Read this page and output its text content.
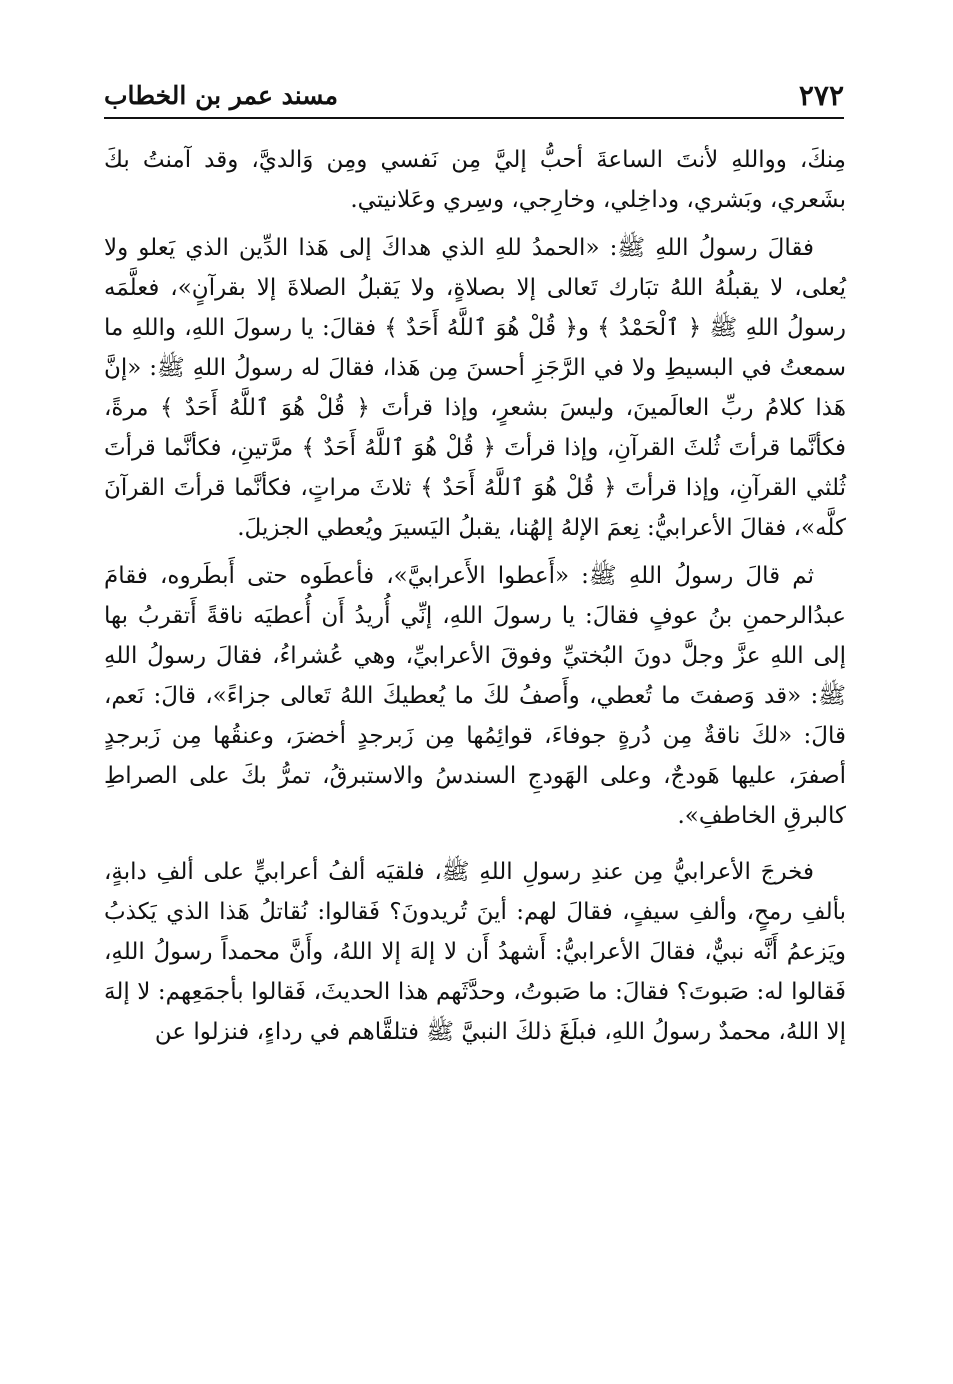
٢٧٢
مسند عمر بن الخطاب

مِنكَ، وواللهِ لأنتَ الساعةَ أحبُّ إليَّ مِن نَفسي ومِن وَالديَّ، وقد آمنتُ بكَ بشَعري، وبَشري، وداخِلي، وخارِجي، وسِري وعَلانيتي.

فقالَ رسولُ اللهِ ﷺ: «الحمدُ للهِ الذي هداكَ إلى هَذا الدِّين الذي يَعلو ولا يُعلى، لا يقبلُهُ اللهُ تبَارك تَعالى إلا بصلاةٍ، ولا يَقبلُ الصلاةَ إلا بقرآنٍ»، فعلَّمَه رسولُ اللهِ ﷺ ﴿ ٱلْحَمْدُ ﴾ و﴿ قُلْ هُوَ ٱللَّهُ أَحَدٌ ﴾ فقالَ: يا رسولَ اللهِ، واللهِ ما سمعتُ في البسيطِ ولا في الرَّجَزِ أحسنَ مِن هَذا، فقالَ له رسولُ اللهِ ﷺ: «إنَّ هَذا كلامُ ربِّ العالَمينَ، وليسَ بشعرٍ، وإذا قرأتَ ﴿ قُلْ هُوَ ٱللَّهُ أَحَدٌ ﴾ مرةً، فكأنَّما قرأتَ ثُلثَ القرآنِ، وإذا قرأتَ ﴿ قُلْ هُوَ ٱللَّهُ أَحَدٌ ﴾ مرَّتينِ، فكأنَّما قرأتَ ثُلثي القرآنِ، وإذا قرأتَ ﴿ قُلْ هُوَ ٱللَّهُ أَحَدٌ ﴾ ثلاثَ مراتٍ، فكأنَّما قرأتَ القرآنَ كلَّه»، فقالَ الأعرابيُّ: نِعمَ الإلهُ إلهُنا، يقبلُ اليَسيرَ ويُعطي الجزيلَ.

ثم قالَ رسولُ اللهِ ﷺ: «أَعطوا الأَعرابيَّ»، فأعطَوه حتى أَبطَروه، فقامَ عبدُالرحمنِ بنُ عوفٍ فقالَ: يا رسولَ اللهِ، إنِّي أُريدُ أَن أُعطيَه ناقةً أَتقربُ بها إلى اللهِ عزَّ وجلَّ دونَ البُختيِّ وفوقَ الأعرابيِّ، وهي عُشراءُ، فقالَ رسولُ اللهِ ﷺ: «قد وَصفتَ ما تُعطي، وأَصفُ لكَ ما يُعطيكَ اللهُ تَعالى جزاءً»، قالَ: نَعم، قالَ: «لكَ ناقةٌ مِن دُرةٍ جوفاءَ، قوائِمُها مِن زَبرجدٍ أخضرَ، وعنقُها مِن زَبرجدٍ أصفرَ، عليها هَودجٌ، وعلى الهَودجِ السندسُ والاستبرقُ، تمرُّ بكَ على الصراطِ كالبرقِ الخاطفِ».

فخرجَ الأعرابيُّ مِن عندِ رسولِ اللهِ ﷺ، فلقيَه ألفُ أعرابيٍّ على ألفِ دابةٍ، بألفِ رمحٍ، وألفِ سيفٍ، فقالَ لهم: أينَ تُريدونَ؟ فَقالوا: نُقاتلُ هَذا الذي يَكذبُ ويَزعمُ أَنَّه نبيٌّ، فقالَ الأعرابيُّ: أَشهدُ أَن لا إلهَ إلا اللهُ، وأَنَّ محمداً رسولُ اللهِ، فَقالوا له: صَبوتَ؟ فقالَ: ما صَبوتُ، وحدَّثَهم هذا الحديثَ، فَقالوا بأجمَعِهم: لا إلهَ إلا اللهُ، محمدٌ رسولُ اللهِ، فبلَغَ ذلكَ النبيَّ ﷺ فتلقَّاهم في رداءٍ، فنزلوا عن
